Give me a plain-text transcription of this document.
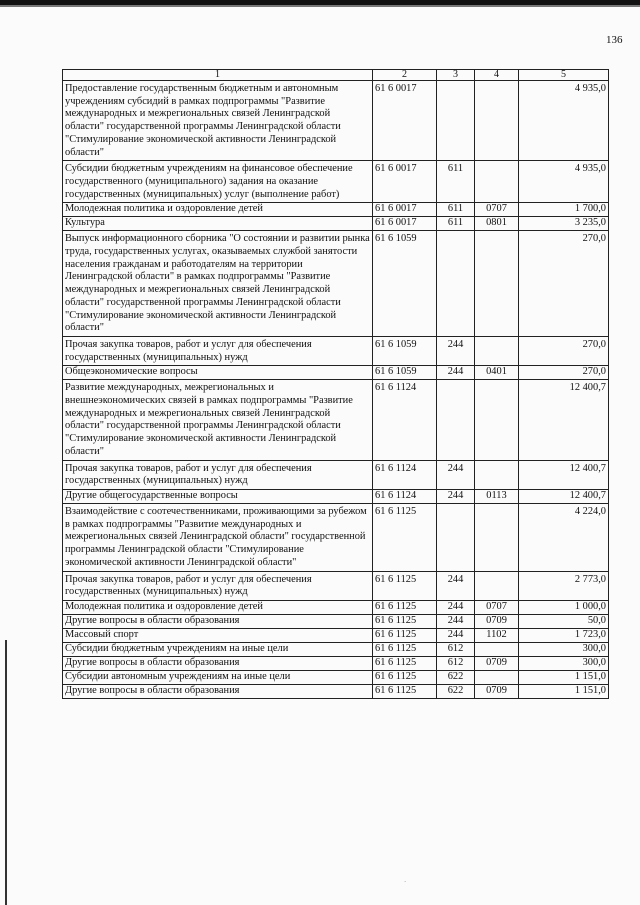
136
1	2	3	4	5
Предоставление государственным бюджетным и автономным учреждениям субсидий в рамках подпрограммы "Развитие международных и межрегиональных связей Ленинградской области" государственной программы Ленинградской области "Стимулирование экономической активности Ленинградской области"	61 6 0017			4 935,0
Субсидии бюджетным учреждениям на финансовое обеспечение государственного (муниципального) задания на оказание государственных (муниципальных) услуг (выполнение работ)	61 6 0017	611		4 935,0
Молодежная политика и оздоровление детей	61 6 0017	611	0707	1 700,0
Культура	61 6 0017	611	0801	3 235,0
Выпуск информационного сборника "О состоянии и развитии рынка труда, государственных услугах, оказываемых службой занятости населения гражданам и работодателям на территории Ленинградской области" в рамках подпрограммы "Развитие международных и межрегиональных связей Ленинградской области" государственной программы Ленинградской области "Стимулирование экономической активности Ленинградской области"	61 6 1059			270,0
Прочая закупка товаров, работ и услуг для обеспечения государственных (муниципальных) нужд	61 6 1059	244		270,0
Общеэкономические вопросы	61 6 1059	244	0401	270,0
Развитие международных, межрегиональных и внешнеэкономических связей в рамках подпрограммы "Развитие международных и межрегиональных связей Ленинградской области" государственной программы Ленинградской области "Стимулирование экономической активности Ленинградской области"	61 6 1124			12 400,7
Прочая закупка товаров, работ и услуг для обеспечения государственных (муниципальных) нужд	61 6 1124	244		12 400,7
Другие общегосударственные вопросы	61 6 1124	244	0113	12 400,7
Взаимодействие с соотечественниками, проживающими за рубежом в рамках подпрограммы "Развитие международных и межрегиональных связей Ленинградской области" государственной программы Ленинградской области "Стимулирование экономической активности Ленинградской области"	61 6 1125			4 224,0
Прочая закупка товаров, работ и услуг для обеспечения государственных (муниципальных) нужд	61 6 1125	244		2 773,0
Молодежная политика и оздоровление детей	61 6 1125	244	0707	1 000,0
Другие вопросы в области образования	61 6 1125	244	0709	50,0
Массовый спорт	61 6 1125	244	1102	1 723,0
Субсидии бюджетным учреждениям на иные цели	61 6 1125	612		300,0
Другие вопросы в области образования	61 6 1125	612	0709	300,0
Субсидии автономным учреждениям на иные цели	61 6 1125	622		1 151,0
Другие вопросы в области образования	61 6 1125	622	0709	1 151,0
`
